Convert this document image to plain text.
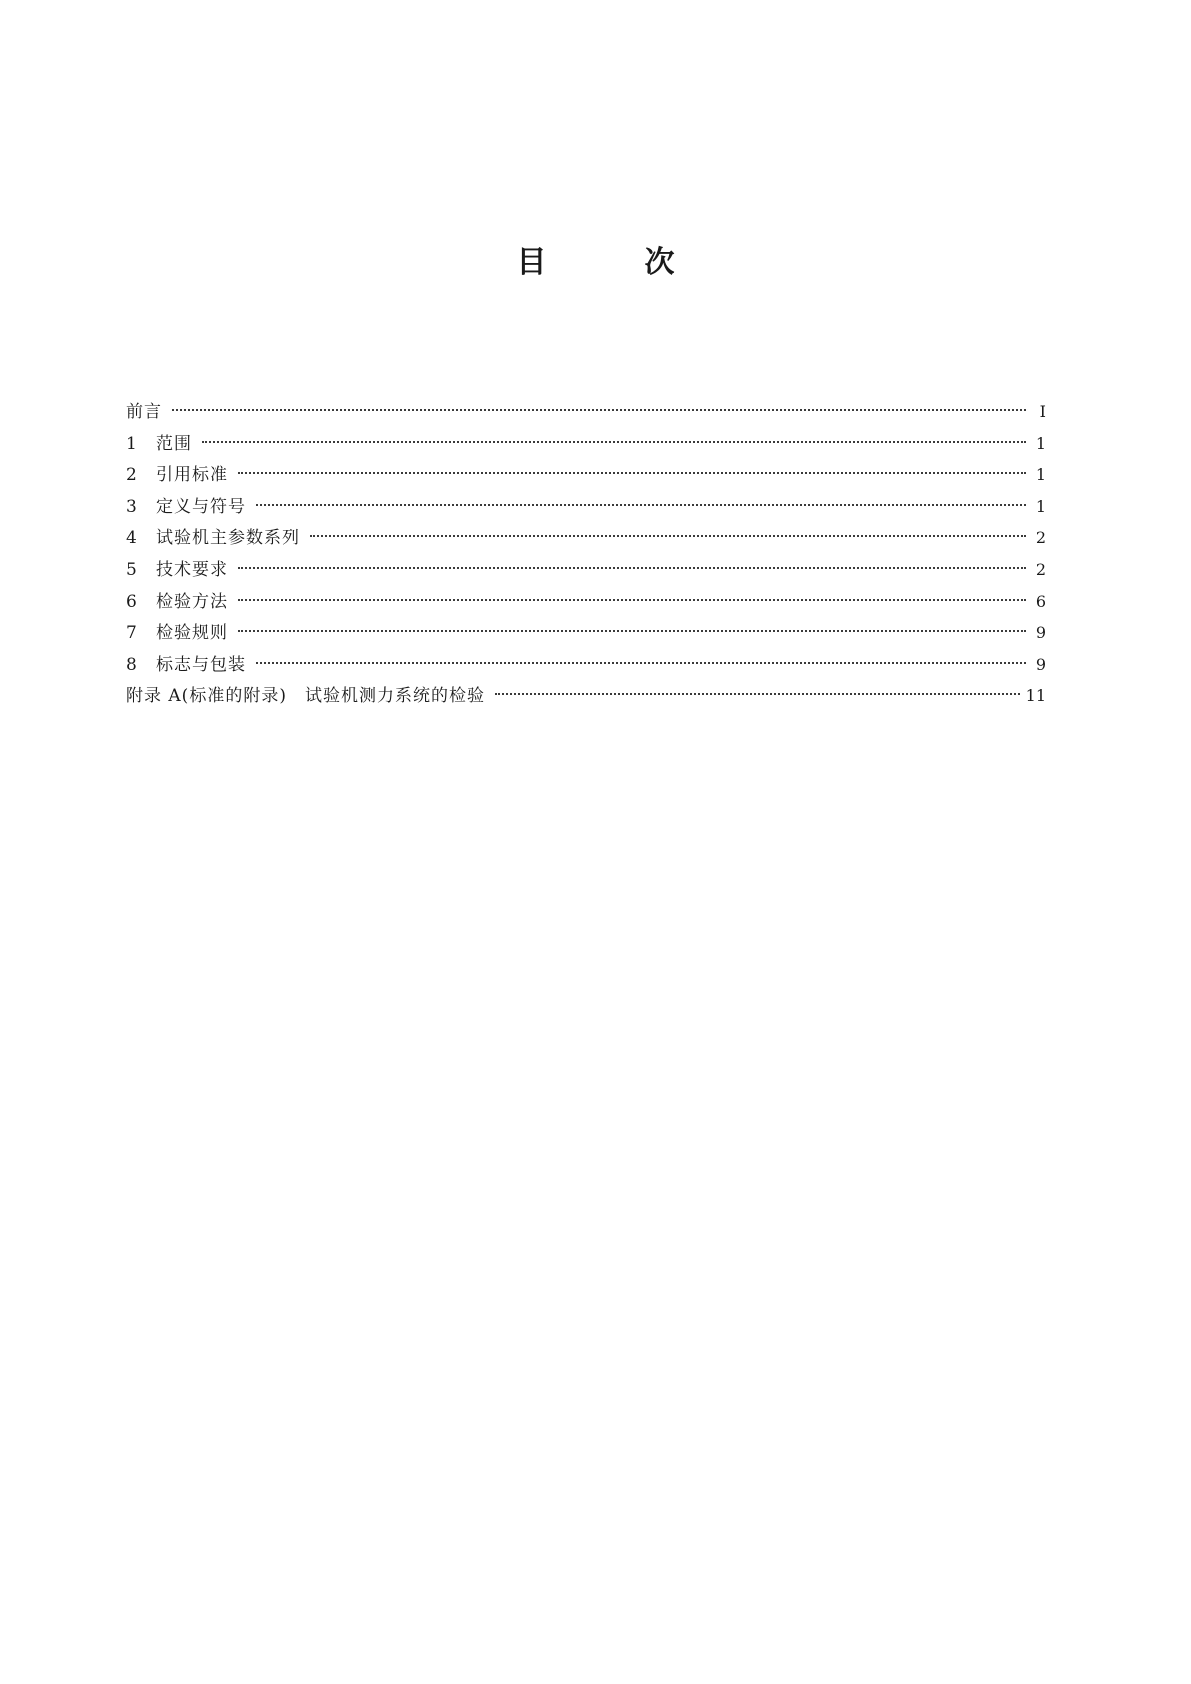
目	次
前言	I
1	范围	1
2	引用标准	1
3	定义与符号	1
4	试验机主参数系列	2
5	技术要求	2
6	检验方法	6
7	检验规则	9
8	标志与包装	9
附录 A(标准的附录)　试验机测力系统的检验	11
